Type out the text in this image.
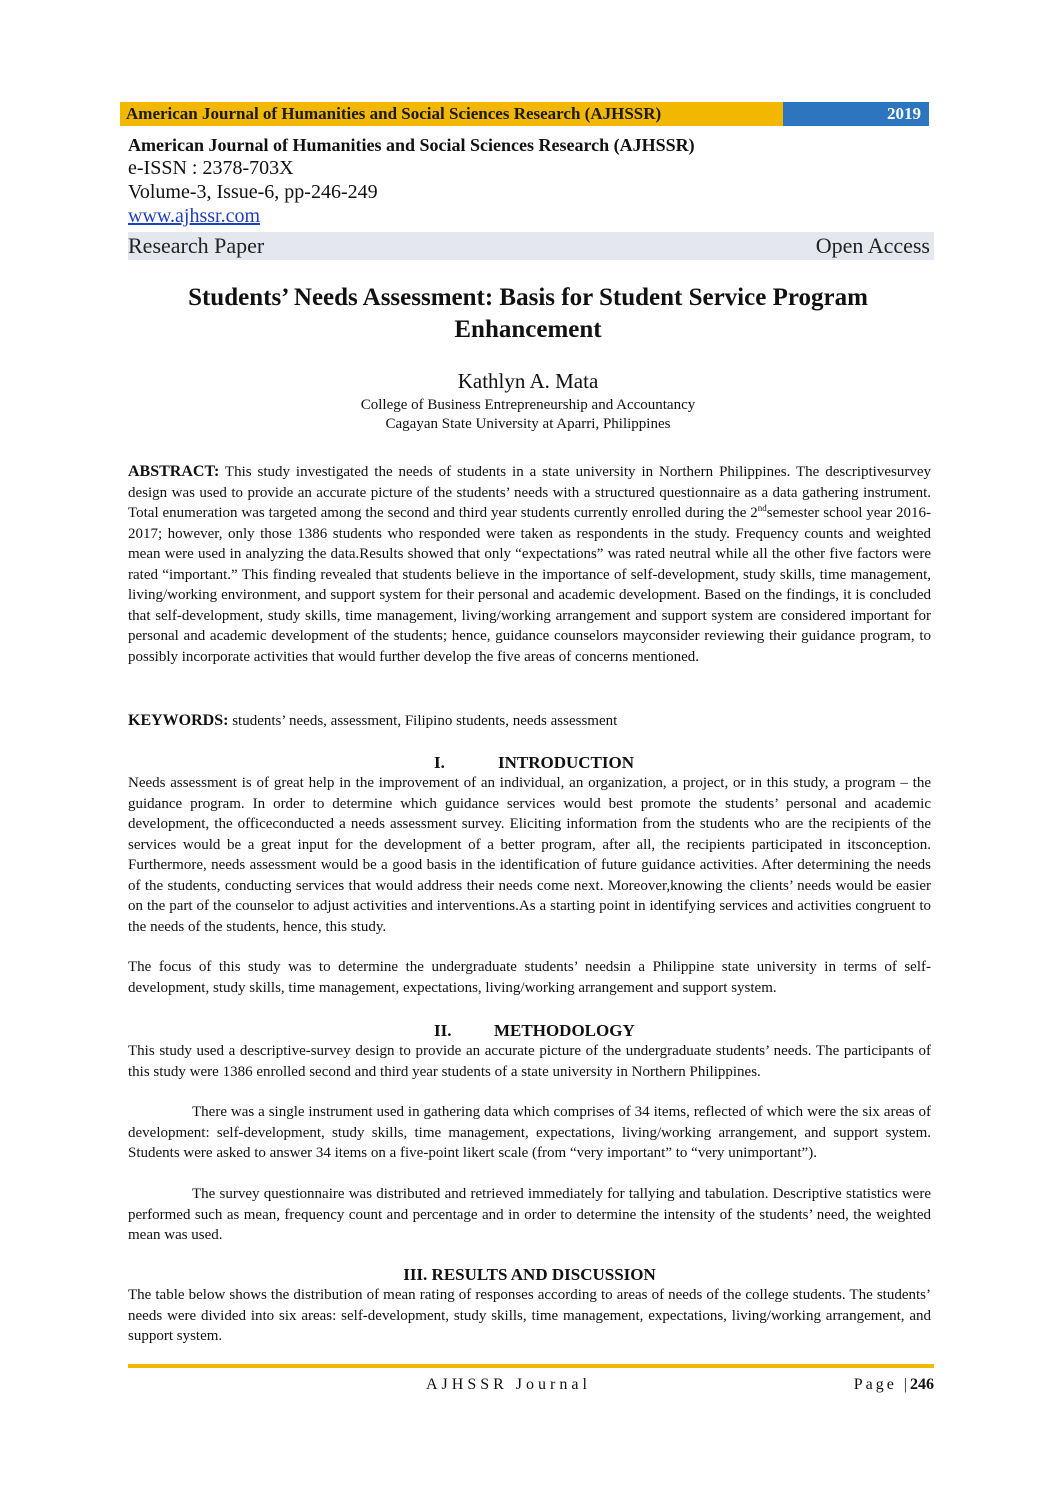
American Journal of Humanities and Social Sciences Research (AJHSSR)	2019
American Journal of Humanities and Social Sciences Research (AJHSSR)
e-ISSN : 2378-703X
Volume-3, Issue-6, pp-246-249
www.ajhssr.com
Research Paper	Open Access
Students’ Needs Assessment: Basis for Student Service Program
Enhancement
Kathlyn A. Mata
College of Business Entrepreneurship and Accountancy
Cagayan State University at Aparri, Philippines
ABSTRACT: This study investigated the needs of students in a state university in Northern Philippines. The descriptivesurvey design was used to provide an accurate picture of the students’ needs with a structured questionnaire as a data gathering instrument. Total enumeration was targeted among the second and third year students currently enrolled during the 2ndsemester school year 2016-2017; however, only those 1386 students who responded were taken as respondents in the study. Frequency counts and weighted mean were used in analyzing the data.Results showed that only “expectations” was rated neutral while all the other five factors were rated “important.” This finding revealed that students believe in the importance of self-development, study skills, time management, living/working environment, and support system for their personal and academic development. Based on the findings, it is concluded that self-development, study skills, time management, living/working arrangement and support system are considered important for personal and academic development of the students; hence, guidance counselors mayconsider reviewing their guidance program, to possibly incorporate activities that would further develop the five areas of concerns mentioned.
KEYWORDS: students’ needs, assessment, Filipino students, needs assessment
I.	INTRODUCTION
Needs assessment is of great help in the improvement of an individual, an organization, a project, or in this study, a program – the guidance program. In order to determine which guidance services would best promote the students’ personal and academic development, the officeconducted a needs assessment survey. Eliciting information from the students who are the recipients of the services would be a great input for the development of a better program, after all, the recipients participated in itsconception. Furthermore, needs assessment would be a good basis in the identification of future guidance activities. After determining the needs of the students, conducting services that would address their needs come next. Moreover,knowing the clients’ needs would be easier on the part of the counselor to adjust activities and interventions.As a starting point in identifying services and activities congruent to the needs of the students, hence, this study.
The focus of this study was to determine the undergraduate students’ needsin a Philippine state university in terms of self-development, study skills, time management, expectations, living/working arrangement and support system.
II.	METHODOLOGY
This study used a descriptive-survey design to provide an accurate picture of the undergraduate students’ needs. The participants of this study were 1386 enrolled second and third year students of a state university in Northern Philippines.
There was a single instrument used in gathering data which comprises of 34 items, reflected of which were the six areas of development: self-development, study skills, time management, expectations, living/working arrangement, and support system. Students were asked to answer 34 items on a five-point likert scale (from “very important” to “very unimportant”).
The survey questionnaire was distributed and retrieved immediately for tallying and tabulation. Descriptive statistics were performed such as mean, frequency count and percentage and in order to determine the intensity of the students’ need, the weighted mean was used.
III. RESULTS AND DISCUSSION
The table below shows the distribution of mean rating of responses according to areas of needs of the college students. The students’ needs were divided into six areas: self-development, study skills, time management, expectations, living/working arrangement, and support system.
AJHSSR Journal	Page |246
